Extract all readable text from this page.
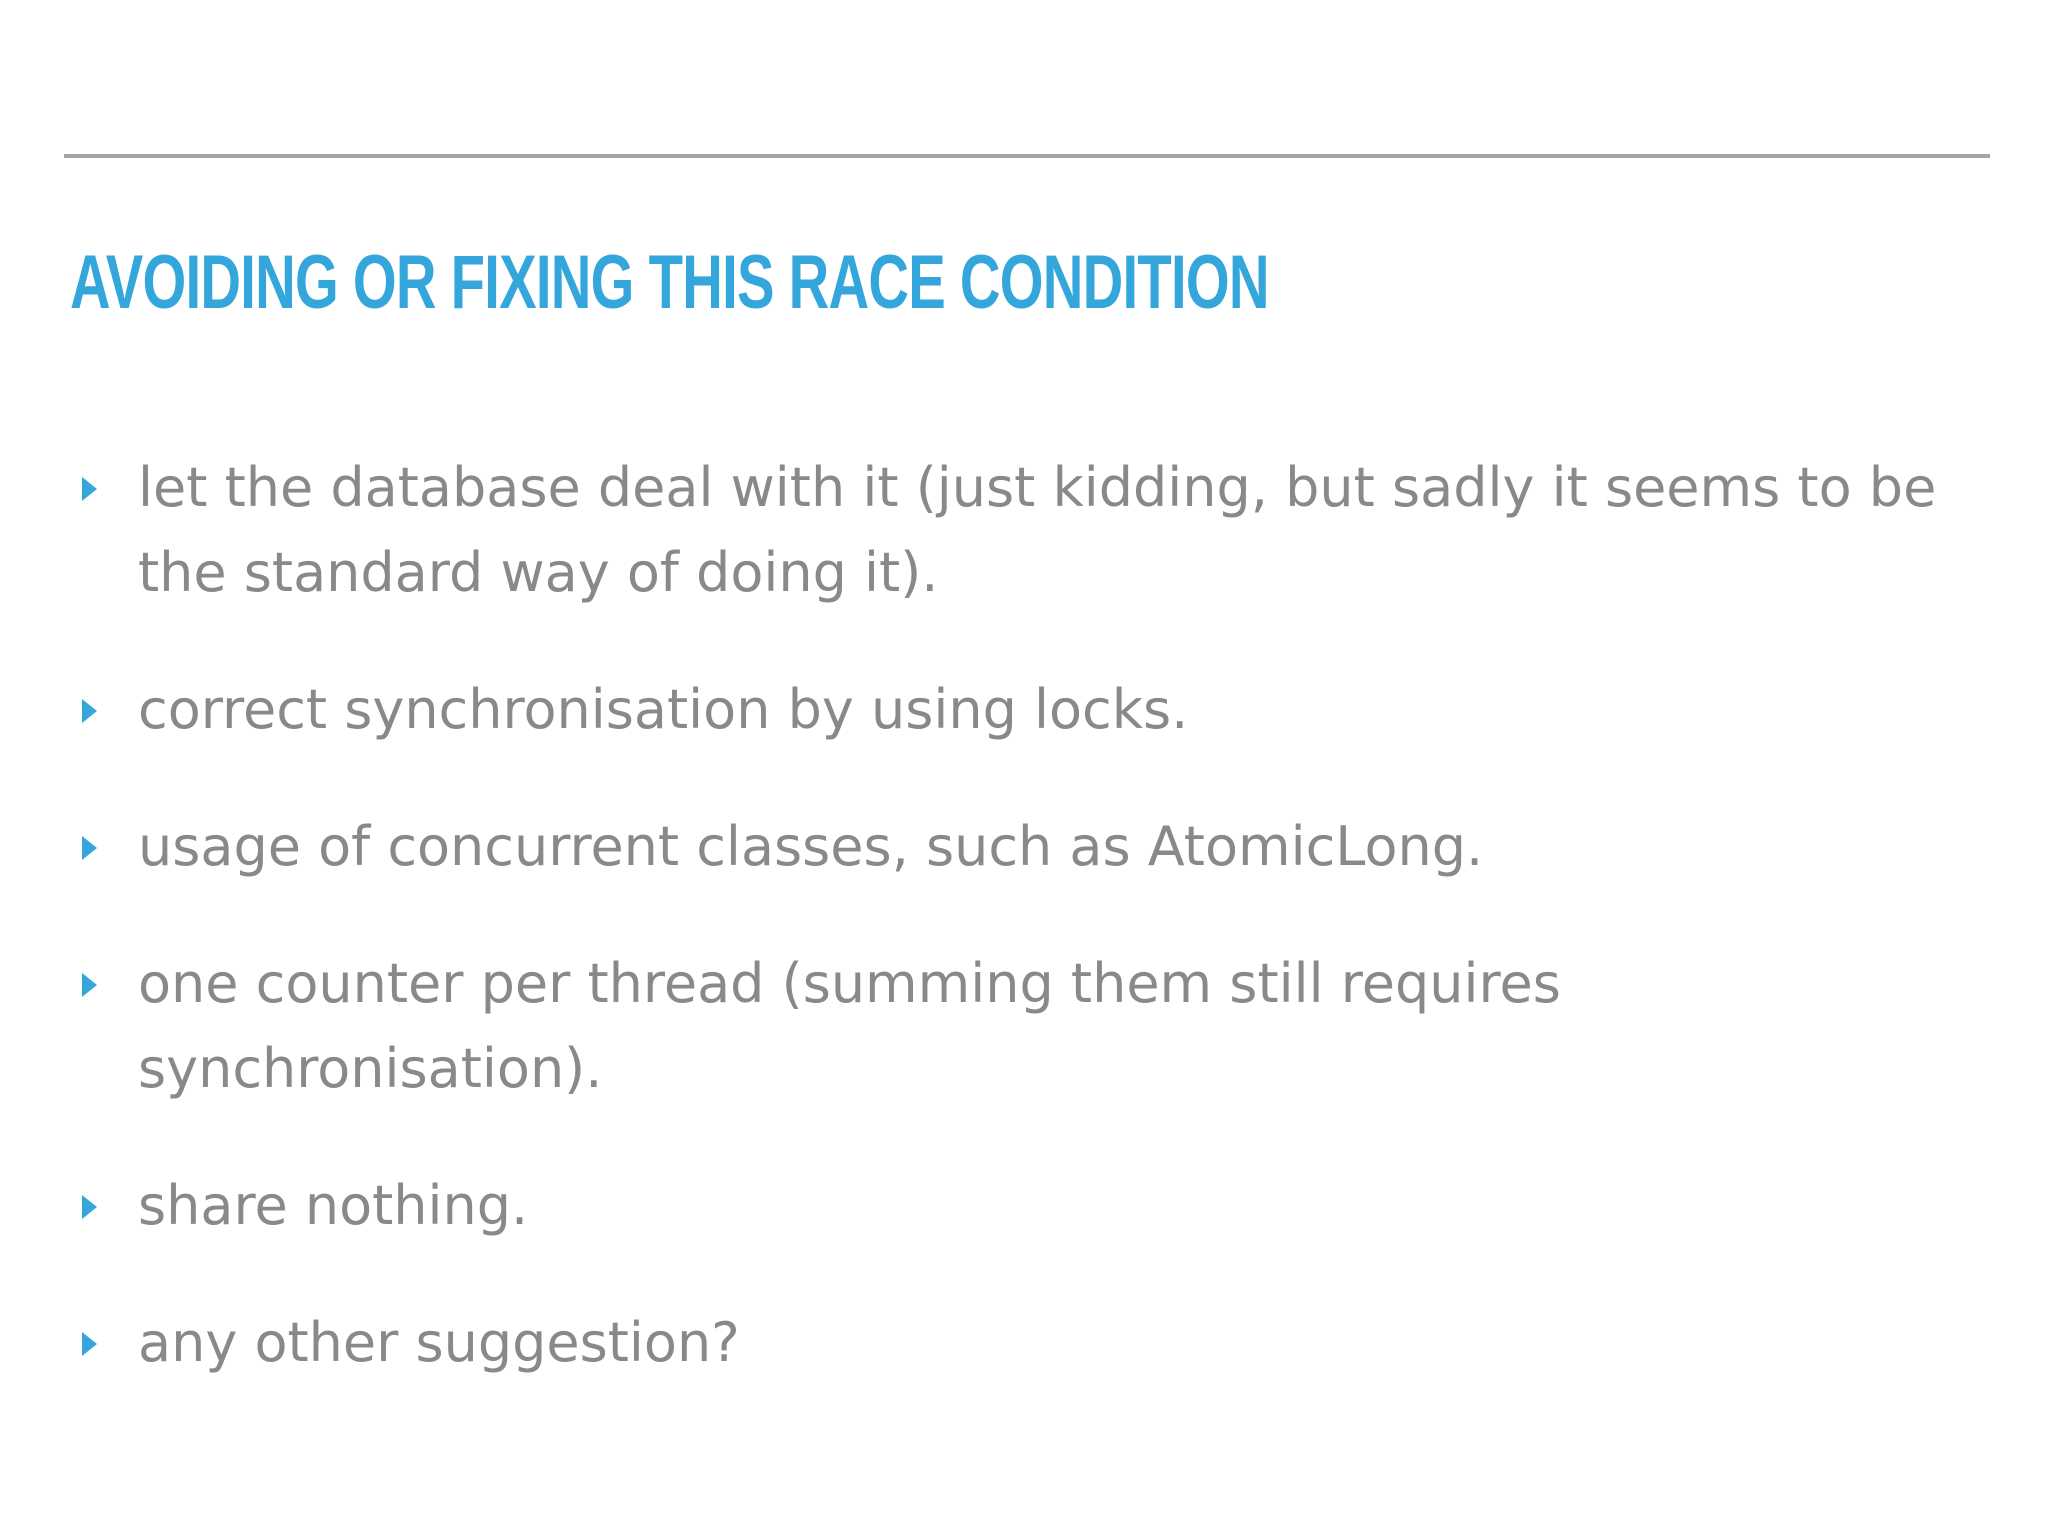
AVOIDING OR FIXING THIS RACE CONDITION
let the database deal with it (just kidding, but sadly it seems to be the standard way of doing it).
correct synchronisation by using locks.
usage of concurrent classes, such as AtomicLong.
one counter per thread (summing them still requires synchronisation).
share nothing.
any other suggestion?
